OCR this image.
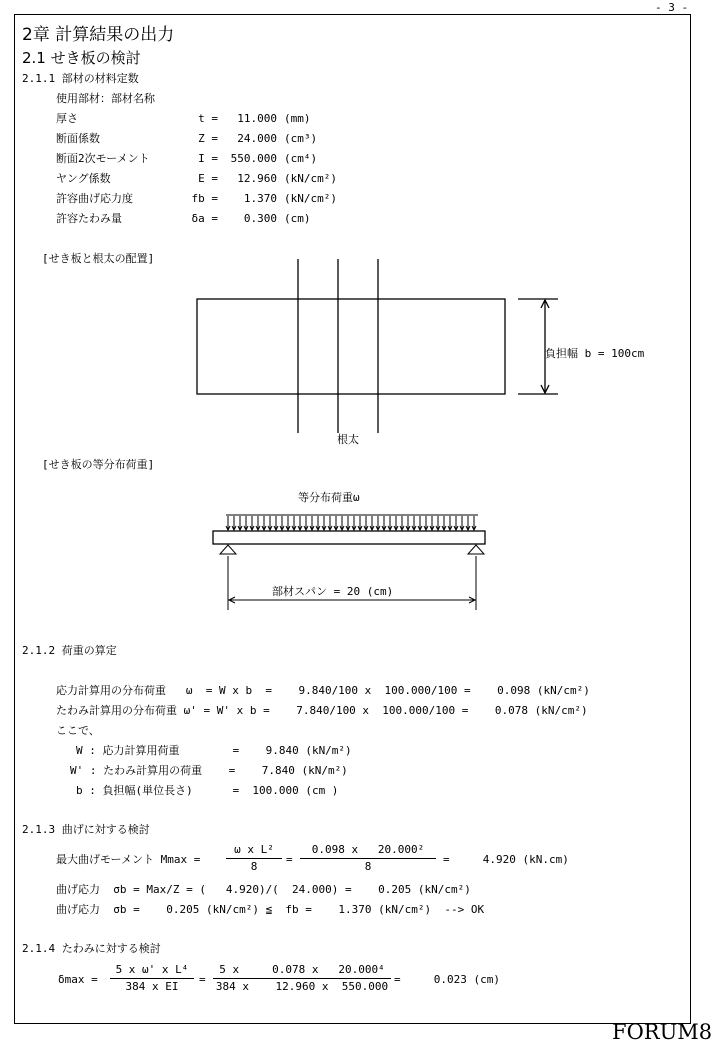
- 3 -
2章 計算結果の出力
2.1 せき板の検討
2.1.1 部材の材料定数
使用部材：部材名称
厚さ	t =	11.000 (mm)
断面係数	Z =	24.000 (cm³)
断面2次モーメント	I =	550.000 (cm⁴)
ヤング係数	E =	12.960 (kN/cm²)
許容曲げ応力度	fb =	1.370 (kN/cm²)
許容たわみ量	δa =	0.300 (cm)
[せき板と根太の配置]
負担幅 b = 100cm
根太
[せき板の等分布荷重]
等分布荷重ω
部材スパン = 20 (cm)
2.1.2 荷重の算定
応力計算用の分布荷重   ω  = W x b  =    9.840/100 x  100.000/100 =    0.098 (kN/cm²)
たわみ計算用の分布荷重 ω' = W' x b =    7.840/100 x  100.000/100 =    0.078 (kN/cm²)
ここで、
W : 応力計算用荷重        =    9.840 (kN/m²)
W' : たわみ計算用の荷重    =    7.840 (kN/m²)
b : 負担幅(単位長さ)      =  100.000 (cm )
2.1.3 曲げに対する検討
最大曲げモーメント Mmax =
ω x L²
8
=
0.098 x   20.000²
8
=     4.920 (kN.cm)
曲げ応力  σb = Max/Z = (   4.920)/(  24.000) =    0.205 (kN/cm²)
曲げ応力  σb =    0.205 (kN/cm²) ≦  fb =    1.370 (kN/cm²)  --> OK
2.1.4 たわみに対する検討
δmax =
5 x ω' x L⁴
384 x EI
=
5 x     0.078 x   20.000⁴
384 x    12.960 x  550.000
=     0.023 (cm)
FORUM8
